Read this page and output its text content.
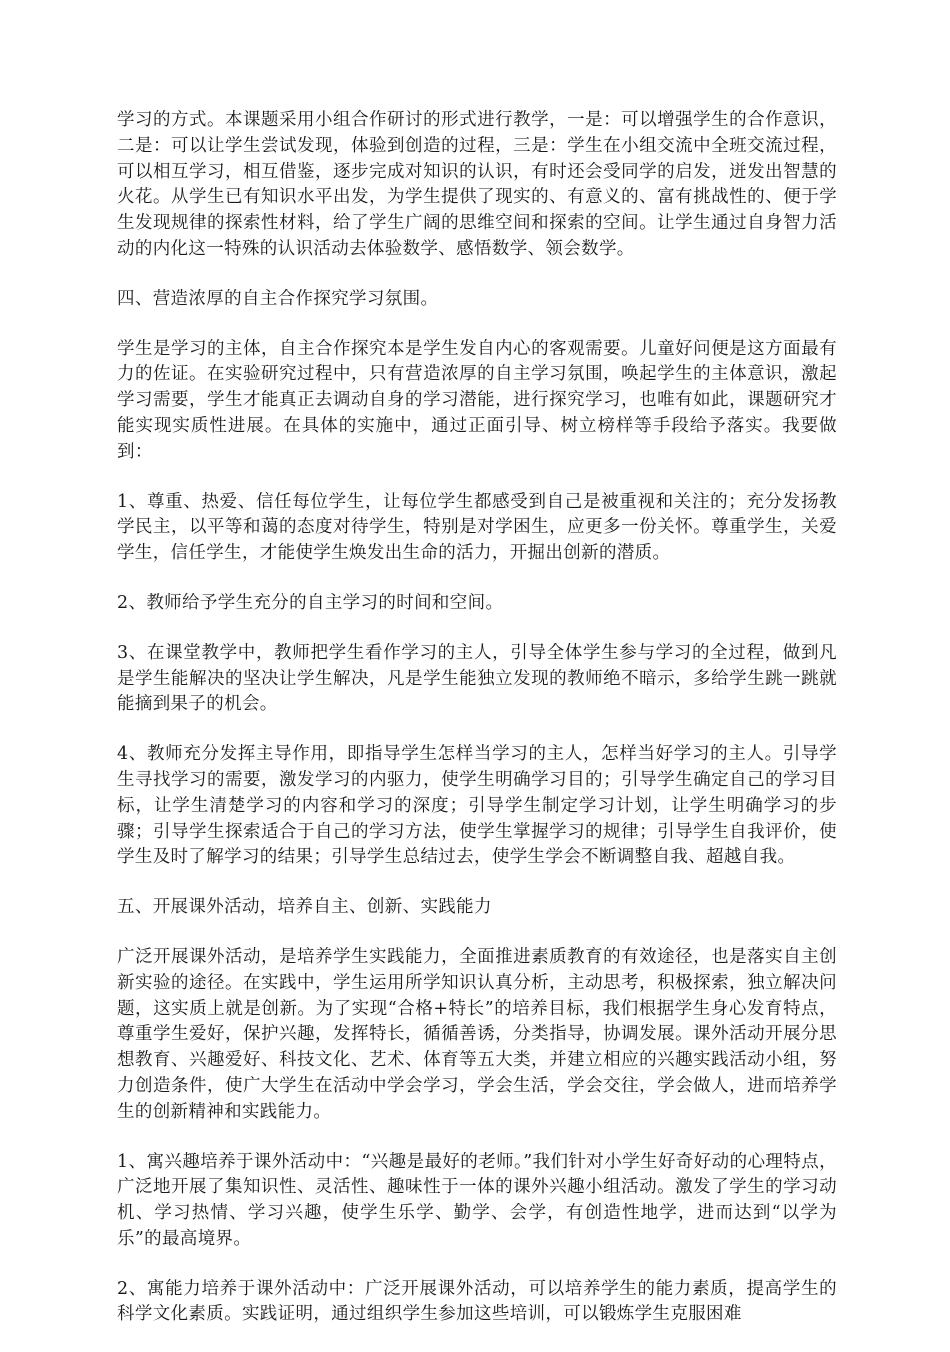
学习的方式。本课题采用小组合作研讨的形式进行教学，一是：可以增强学生的合作意识，二是：可以让学生尝试发现，体验到创造的过程，三是：学生在小组交流中全班交流过程，可以相互学习，相互借鉴，逐步完成对知识的认识，有时还会受同学的启发，迸发出智慧的火花。从学生已有知识水平出发，为学生提供了现实的、有意义的、富有挑战性的、便于学生发现规律的探索性材料，给了学生广阔的思维空间和探索的空间。让学生通过自身智力活动的内化这一特殊的认识活动去体验数学、感悟数学、领会数学。

四、营造浓厚的自主合作探究学习氛围。

学生是学习的主体，自主合作探究本是学生发自内心的客观需要。儿童好问便是这方面最有力的佐证。在实验研究过程中，只有营造浓厚的自主学习氛围，唤起学生的主体意识，激起学习需要，学生才能真正去调动自身的学习潜能，进行探究学习，也唯有如此，课题研究才能实现实质性进展。在具体的实施中，通过正面引导、树立榜样等手段给予落实。我要做到：

1、尊重、热爱、信任每位学生，让每位学生都感受到自己是被重视和关注的；充分发扬教学民主，以平等和蔼的态度对待学生，特别是对学困生，应更多一份关怀。尊重学生，关爱学生，信任学生，才能使学生焕发出生命的活力，开掘出创新的潜质。

2、教师给予学生充分的自主学习的时间和空间。

3、在课堂教学中，教师把学生看作学习的主人，引导全体学生参与学习的全过程，做到凡是学生能解决的坚决让学生解决，凡是学生能独立发现的教师绝不暗示，多给学生跳一跳就能摘到果子的机会。

4、教师充分发挥主导作用，即指导学生怎样当学习的主人，怎样当好学习的主人。引导学生寻找学习的需要，激发学习的内驱力，使学生明确学习目的；引导学生确定自己的学习目标，让学生清楚学习的内容和学习的深度；引导学生制定学习计划，让学生明确学习的步骤；引导学生探索适合于自己的学习方法，使学生掌握学习的规律；引导学生自我评价，使学生及时了解学习的结果；引导学生总结过去，使学生学会不断调整自我、超越自我。

五、开展课外活动，培养自主、创新、实践能力

广泛开展课外活动，是培养学生实践能力，全面推进素质教育的有效途径，也是落实自主创新实验的途径。在实践中，学生运用所学知识认真分析，主动思考，积极探索，独立解决问题，这实质上就是创新。为了实现“合格+特长”的培养目标，我们根据学生身心发育特点，尊重学生爱好，保护兴趣，发挥特长，循循善诱，分类指导，协调发展。课外活动开展分思想教育、兴趣爱好、科技文化、艺术、体育等五大类，并建立相应的兴趣实践活动小组，努力创造条件，使广大学生在活动中学会学习，学会生活，学会交往，学会做人，进而培养学生的创新精神和实践能力。

1、寓兴趣培养于课外活动中：“兴趣是最好的老师。”我们针对小学生好奇好动的心理特点，广泛地开展了集知识性、灵活性、趣味性于一体的课外兴趣小组活动。激发了学生的学习动机、学习热情、学习兴趣，使学生乐学、勤学、会学，有创造性地学，进而达到“以学为乐”的最高境界。

2、寓能力培养于课外活动中：广泛开展课外活动，可以培养学生的能力素质，提高学生的科学文化素质。实践证明，通过组织学生参加这些培训，可以锻炼学生克服困难
